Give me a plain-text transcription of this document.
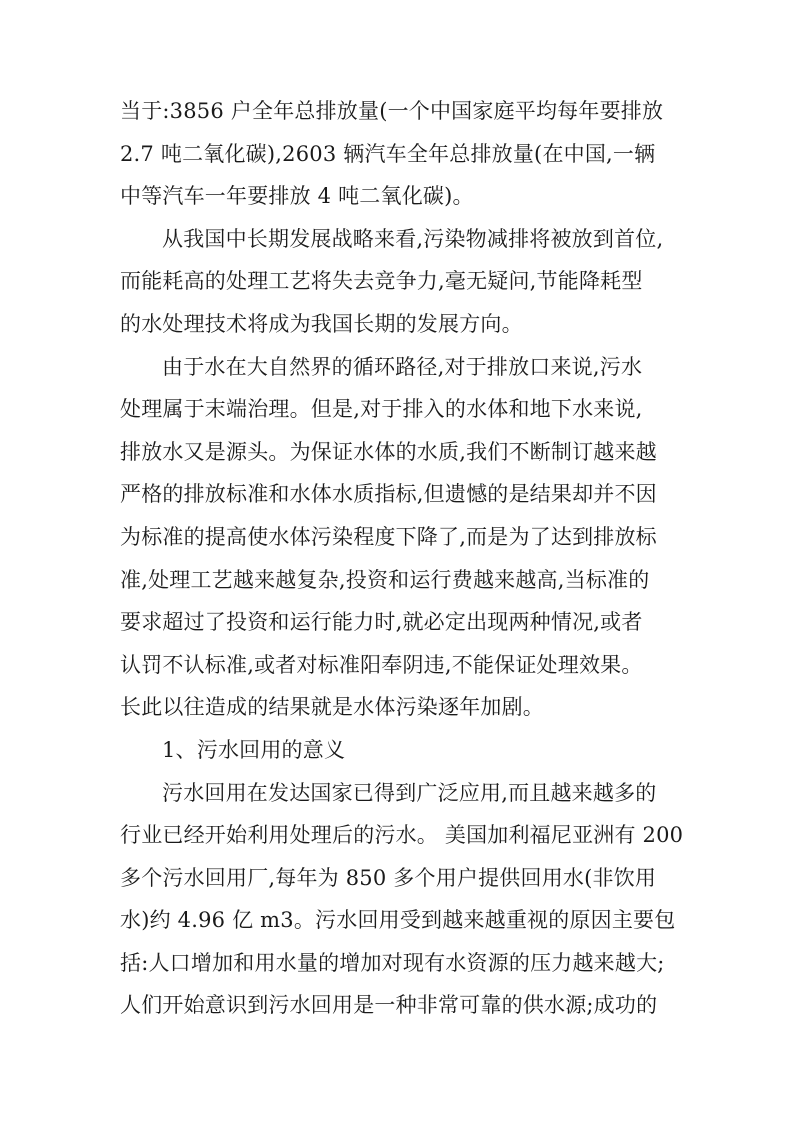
当于:3856 户全年总排放量(一个中国家庭平均每年要排放
2.7 吨二氧化碳),2603 辆汽车全年总排放量(在中国,一辆
中等汽车一年要排放 4 吨二氧化碳)。
从我国中长期发展战略来看,污染物减排将被放到首位,
而能耗高的处理工艺将失去竞争力,毫无疑问,节能降耗型
的水处理技术将成为我国长期的发展方向。
由于水在大自然界的循环路径,对于排放口来说,污水
处理属于末端治理。但是,对于排入的水体和地下水来说,
排放水又是源头。为保证水体的水质,我们不断制订越来越
严格的排放标准和水体水质指标,但遗憾的是结果却并不因
为标准的提高使水体污染程度下降了,而是为了达到排放标
准,处理工艺越来越复杂,投资和运行费越来越高,当标准的
要求超过了投资和运行能力时,就必定出现两种情况,或者
认罚不认标准,或者对标准阳奉阴违,不能保证处理效果。
长此以往造成的结果就是水体污染逐年加剧。
1、污水回用的意义
污水回用在发达国家已得到广泛应用,而且越来越多的
行业已经开始利用处理后的污水。 美国加利福尼亚洲有 200
多个污水回用厂,每年为 850 多个用户提供回用水(非饮用
水)约 4.96 亿 m3。污水回用受到越来越重视的原因主要包
括:人口增加和用水量的增加对现有水资源的压力越来越大;
人们开始意识到污水回用是一种非常可靠的供水源;成功的
